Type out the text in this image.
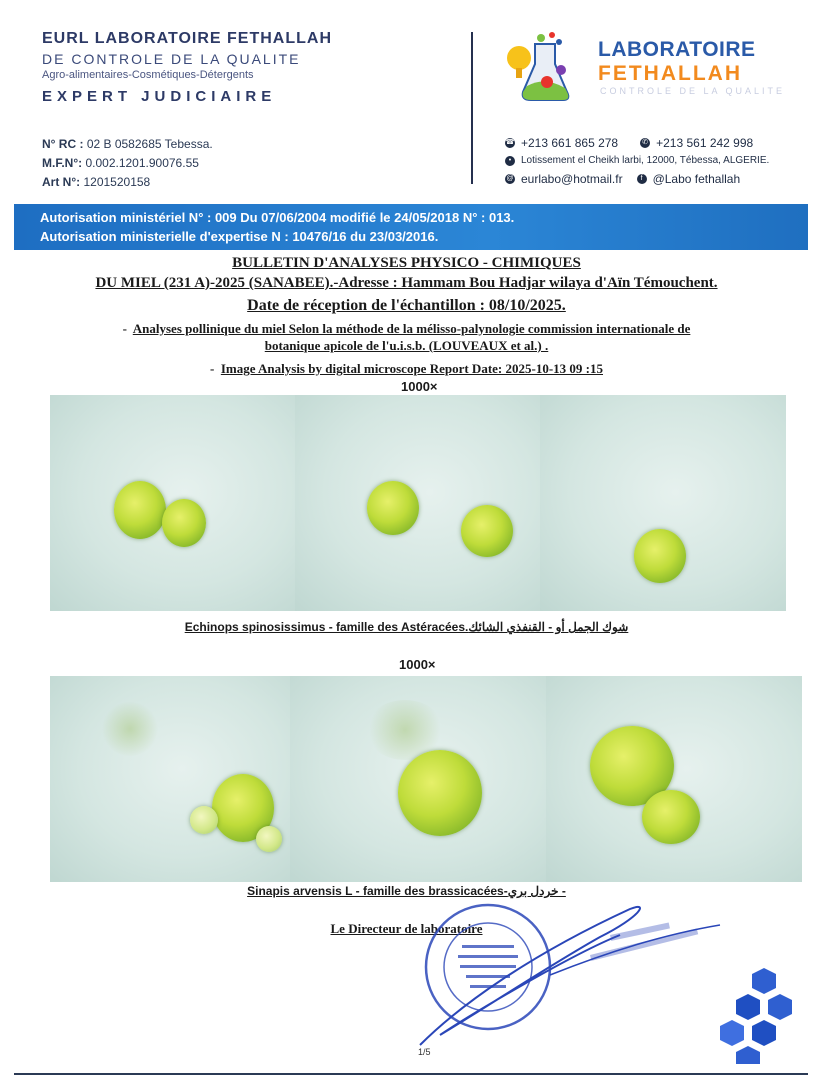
EURL LABORATOIRE FETHALLAH
DE CONTROLE DE LA QUALITE
Agro-alimentaires-Cosmétiques-Détergents
EXPERT JUDICIAIRE
N° RC : 02 B 0582685 Tebessa.
M.F.N°: 0.002.1201.90076.55
Art N°: 1201520158
LABORATOIRE
FETHALLAH
CONTROLE DE LA QUALITE
☎ +213 661 865 278	✆ +213 561 242 998
• Lotissement el Cheikh larbi, 12000, Tébessa, ALGERIE.
@ eurlabo@hotmail.fr	f @Labo fethallah
Autorisation ministériel N° : 009 Du 07/06/2004 modifié le 24/05/2018 N° : 013.
Autorisation ministerielle d'expertise N : 10476/16 du 23/03/2016.
BULLETIN D'ANALYSES PHYSICO - CHIMIQUES
DU MIEL (231 A)-2025 (SANABEE).-Adresse : Hammam Bou Hadjar wilaya d'Aïn Témouchent.
Date de réception de l'échantillon : 08/10/2025.
- Analyses pollinique du miel Selon la méthode de la mélisso-palynologie commission internationale de
botanique apicole de l'u.i.s.b. (LOUVEAUX et al.) .
- Image Analysis by digital microscope Report Date: 2025-10-13 09 :15
1000×
Echinops spinosissimus - famille des Astéracées.شوك الجمل أو - القنفذي الشائك
1000×
Sinapis arvensis L - famille des brassicacées-خردل بري -
Le Directeur de laboratoire
1/5
